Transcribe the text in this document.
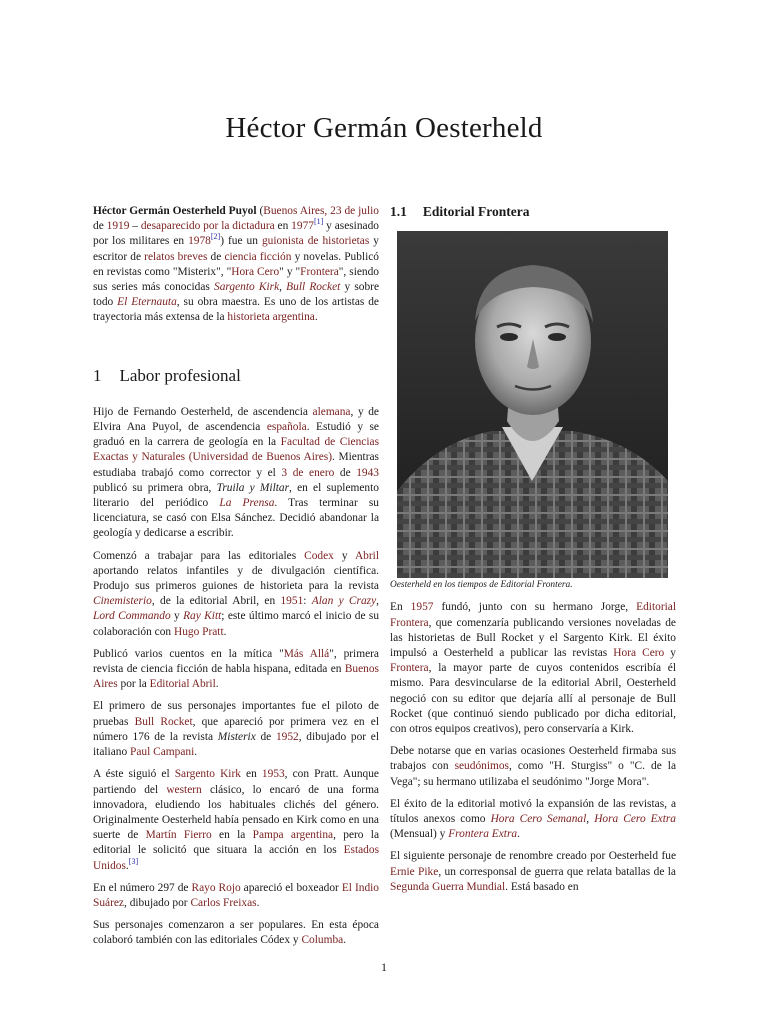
Héctor Germán Oesterheld

Héctor Germán Oesterheld Puyol (Buenos Aires, 23 de julio de 1919 – desaparecido por la dictadura en 1977[1] y asesinado por los militares en 1978[2]) fue un guionista de historietas y escritor de relatos breves de ciencia ficción y novelas. Publicó en revistas como "Misterix", "Hora Cero" y "Frontera", siendo sus series más conocidas Sargento Kirk, Bull Rocket y sobre todo El Eternauta, su obra maestra. Es uno de los artistas de trayectoria más extensa de la historieta argentina.

1 Labor profesional

Hijo de Fernando Oesterheld, de ascendencia alemana, y de Elvira Ana Puyol, de ascendencia española. Estudió y se graduó en la carrera de geología en la Facultad de Ciencias Exactas y Naturales (Universidad de Buenos Aires). Mientras estudiaba trabajó como corrector y el 3 de enero de 1943 publicó su primera obra, Truila y Miltar, en el suplemento literario del periódico La Prensa. Tras terminar su licenciatura, se casó con Elsa Sánchez. Decidió abandonar la geología y dedicarse a escribir.

Comenzó a trabajar para las editoriales Codex y Abril aportando relatos infantiles y de divulgación científica. Produjo sus primeros guiones de historieta para la revista Cinemisterio, de la editorial Abril, en 1951: Alan y Crazy, Lord Commando y Ray Kitt; este último marcó el inicio de su colaboración con Hugo Pratt.

Publicó varios cuentos en la mítica "Más Allá", primera revista de ciencia ficción de habla hispana, editada en Buenos Aires por la Editorial Abril.

El primero de sus personajes importantes fue el piloto de pruebas Bull Rocket, que apareció por primera vez en el número 176 de la revista Misterix de 1952, dibujado por el italiano Paul Campani.

A éste siguió el Sargento Kirk en 1953, con Pratt. Aunque partiendo del western clásico, lo encaró de una forma innovadora, eludiendo los habituales clichés del género. Originalmente Oesterheld había pensado en Kirk como en una suerte de Martín Fierro en la Pampa argentina, pero la editorial le solicitó que situara la acción en los Estados Unidos.[3]

En el número 297 de Rayo Rojo apareció el boxeador El Indio Suárez, dibujado por Carlos Freixas.

Sus personajes comenzaron a ser populares. En esta época colaboró también con las editoriales Códex y Columba.

1.1 Editorial Frontera

Oesterheld en los tiempos de Editorial Frontera.

En 1957 fundó, junto con su hermano Jorge, Editorial Frontera, que comenzaría publicando versiones noveladas de las historietas de Bull Rocket y el Sargento Kirk. El éxito impulsó a Oesterheld a publicar las revistas Hora Cero y Frontera, la mayor parte de cuyos contenidos escribía él mismo. Para desvincularse de la editorial Abril, Oesterheld negoció con su editor que dejaría allí al personaje de Bull Rocket (que continuó siendo publicado por dicha editorial, con otros equipos creativos), pero conservaría a Kirk.

Debe notarse que en varias ocasiones Oesterheld firmaba sus trabajos con seudónimos, como "H. Sturgiss" o "C. de la Vega"; su hermano utilizaba el seudónimo "Jorge Mora".

El éxito de la editorial motivó la expansión de las revistas, a títulos anexos como Hora Cero Semanal, Hora Cero Extra (Mensual) y Frontera Extra.

El siguiente personaje de renombre creado por Oesterheld fue Ernie Pike, un corresponsal de guerra que relata batallas de la Segunda Guerra Mundial. Está basado en

1
